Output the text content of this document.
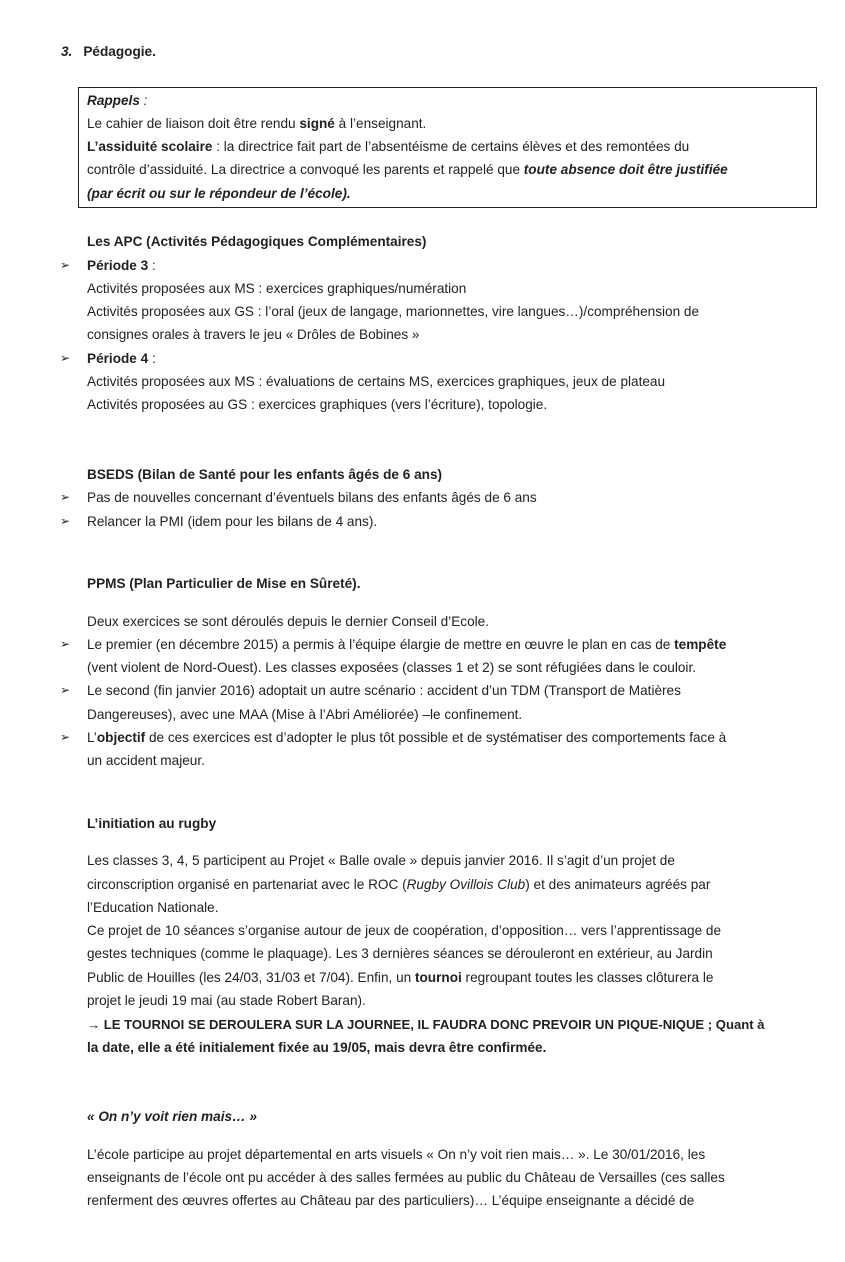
3. Pédagogie.
Rappels :
Le cahier de liaison doit être rendu signé à l’enseignant.
L’assiduité scolaire : la directrice fait part de l’absentéisme de certains élèves et des remontées du
contrôle d’assiduité. La directrice a convoqué les parents et rappelé que toute absence doit être justifiée
(par écrit ou sur le répondeur de l’école).
Les APC (Activités Pédagogiques Complémentaires)
➢ Période 3 :
Activités proposées aux MS : exercices graphiques/numération
Activités proposées aux GS : l’oral (jeux de langage, marionnettes, vire langues…)/compréhension de
consignes orales à travers le jeu « Drôles de Bobines »
➢ Période 4 :
Activités proposées aux MS : évaluations de certains MS, exercices graphiques, jeux de plateau
Activités proposées au GS : exercices graphiques (vers l’écriture), topologie.
BSEDS (Bilan de Santé pour les enfants âgés de 6 ans)
➢ Pas de nouvelles concernant d’éventuels bilans des enfants âgés de 6 ans
➢ Relancer la PMI (idem pour les bilans de 4 ans).
PPMS (Plan Particulier de Mise en Sûreté).
Deux exercices se sont déroulés depuis le dernier Conseil d’Ecole.
➢ Le premier (en décembre 2015) a permis à l’équipe élargie de mettre en œuvre le plan en cas de tempête
(vent violent de Nord-Ouest). Les classes exposées (classes 1 et 2) se sont réfugiées dans le couloir.
➢ Le second (fin janvier 2016) adoptait un autre scénario : accident d’un TDM (Transport de Matières
Dangereuses), avec une MAA (Mise à l’Abri Améliorée) –le confinement.
➢ L’objectif de ces exercices est d’adopter le plus tôt possible et de systématiser des comportements face à
un accident majeur.
L’initiation au rugby
Les classes 3, 4, 5 participent au Projet « Balle ovale » depuis janvier 2016. Il s’agit d’un projet de
circonscription organisé en partenariat avec le ROC (Rugby Ovillois Club) et des animateurs agréés par
l’Education Nationale.
Ce projet de 10 séances s’organise autour de jeux de coopération, d’opposition… vers l’apprentissage de
gestes techniques (comme le plaquage). Les 3 dernières séances se dérouleront en extérieur, au Jardin
Public de Houilles (les 24/03, 31/03 et 7/04). Enfin, un tournoi regroupant toutes les classes clôturera le
projet le jeudi 19 mai (au stade Robert Baran).
→ LE TOURNOI SE DEROULERA SUR LA JOURNEE, IL FAUDRA DONC PREVOIR UN PIQUE-NIQUE ; Quant à
la date, elle a été initialement fixée au 19/05, mais devra être confirmée.
« On n’y voit rien mais… »
L’école participe au projet départemental en arts visuels « On n’y voit rien mais… ». Le 30/01/2016, les
enseignants de l’école ont pu accéder à des salles fermées au public du Château de Versailles (ces salles
renferment des œuvres offertes au Château par des particuliers)… L’équipe enseignante a décidé de
